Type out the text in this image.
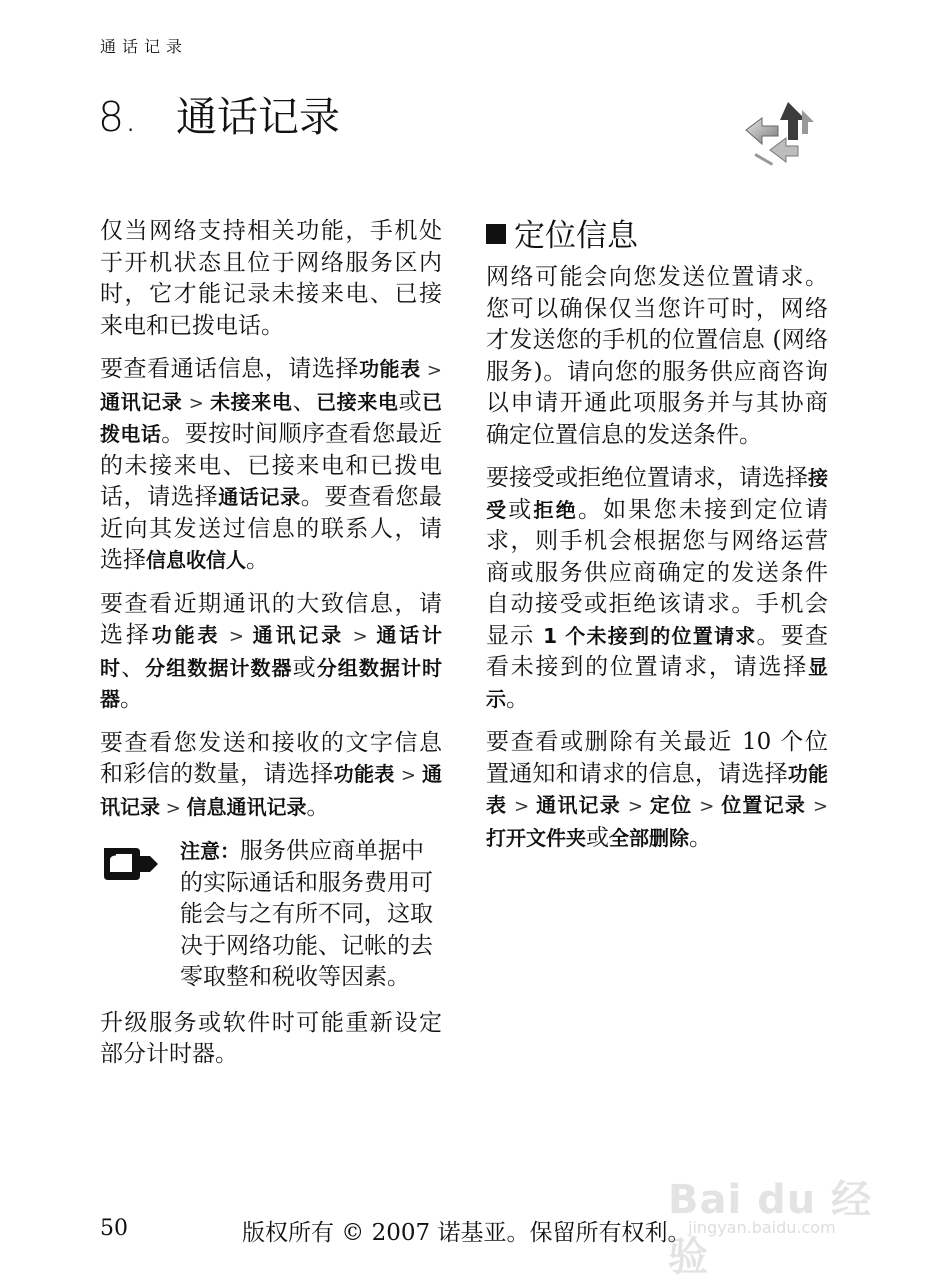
通话记录
8. 通话记录

仅当网络支持相关功能，手机处于开机状态且位于网络服务区内时，它才能记录未接来电、已接来电和已拨电话。

要查看通话信息，请选择功能表 > 通讯记录 > 未接来电、已接来电或已拨电话。要按时间顺序查看您最近的未接来电、已接来电和已拨电话，请选择通话记录。要查看您最近向其发送过信息的联系人，请选择信息收信人。

要查看近期通讯的大致信息，请选择功能表 > 通讯记录 > 通话计时、分组数据计数器或分组数据计时器。

要查看您发送和接收的文字信息和彩信的数量，请选择功能表 > 通讯记录 > 信息通讯记录。

注意：服务供应商单据中的实际通话和服务费用可能会与之有所不同，这取决于网络功能、记帐的去零取整和税收等因素。

升级服务或软件时可能重新设定部分计时器。

定位信息

网络可能会向您发送位置请求。您可以确保仅当您许可时，网络才发送您的手机的位置信息 (网络服务)。请向您的服务供应商咨询以申请开通此项服务并与其协商确定位置信息的发送条件。

要接受或拒绝位置请求，请选择接受或拒绝。如果您未接到定位请求，则手机会根据您与网络运营商或服务供应商确定的发送条件自动接受或拒绝该请求。手机会显示 1 个未接到的位置请求。要查看未接到的位置请求，请选择显示。

要查看或删除有关最近 10 个位置通知和请求的信息，请选择功能表 > 通讯记录 > 定位 > 位置记录 > 打开文件夹或全部删除。

Bai du 经验
jingyan.baidu.com
50	版权所有 © 2007 诺基亚。保留所有权利。
